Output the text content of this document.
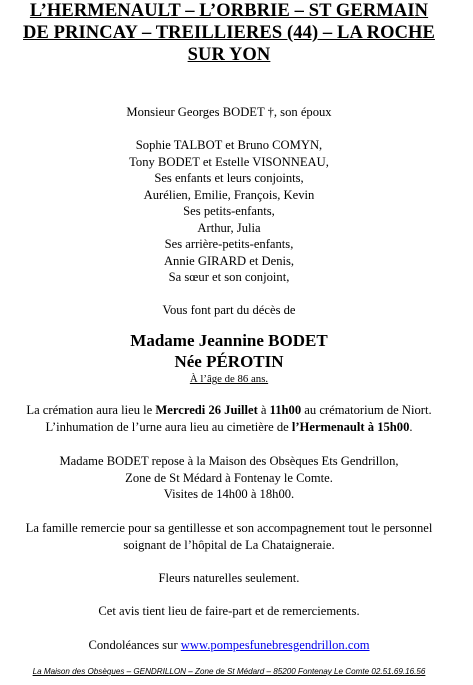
L’HERMENAULT – L’ORBRIE – ST GERMAIN
DE PRINCAY – TREILLIERES (44) – LA ROCHE
SUR YON
Monsieur Georges BODET †, son époux

Sophie TALBOT et Bruno COMYN,
Tony BODET et Estelle VISONNEAU,
Ses enfants et leurs conjoints,
Aurélien, Emilie, François, Kevin
Ses petits-enfants,
Arthur, Julia
Ses arrière-petits-enfants,
Annie GIRARD et Denis,
Sa sœur et son conjoint,
Vous font part du décès de
Madame Jeannine BODET
Née PÉROTIN
À l’âge de 86 ans.
La crémation aura lieu le Mercredi 26 Juillet à 11h00 au crématorium de Niort.
L’inhumation de l’urne aura lieu au cimetière de l’Hermenault à 15h00.
Madame BODET repose à la Maison des Obsèques Ets Gendrillon,
Zone de St Médard à Fontenay le Comte.
Visites de 14h00 à 18h00.
La famille remercie pour sa gentillesse et son accompagnement tout le personnel
soignant de l’hôpital de La Chataigneraie.
Fleurs naturelles seulement.
Cet avis tient lieu de faire-part et de remerciements.
Condoléances sur www.pompesfunebresgendrillon.com
La Maison des Obsèques – GENDRILLON – Zone de St Médard – 85200 Fontenay Le Comte 02.51.69.16.56
